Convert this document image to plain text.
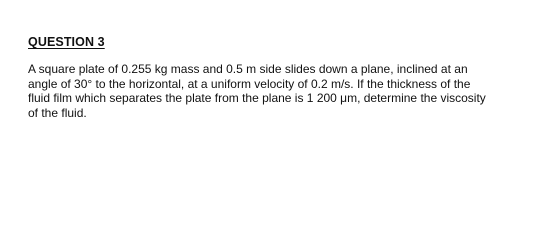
QUESTION 3
A square plate of 0.255 kg mass and 0.5 m side slides down a plane, inclined at an
angle of 30° to the horizontal, at a uniform velocity of 0.2 m/s. If the thickness of the
fluid film which separates the plate from the plane is 1 200 μm, determine the viscosity
of the fluid.
